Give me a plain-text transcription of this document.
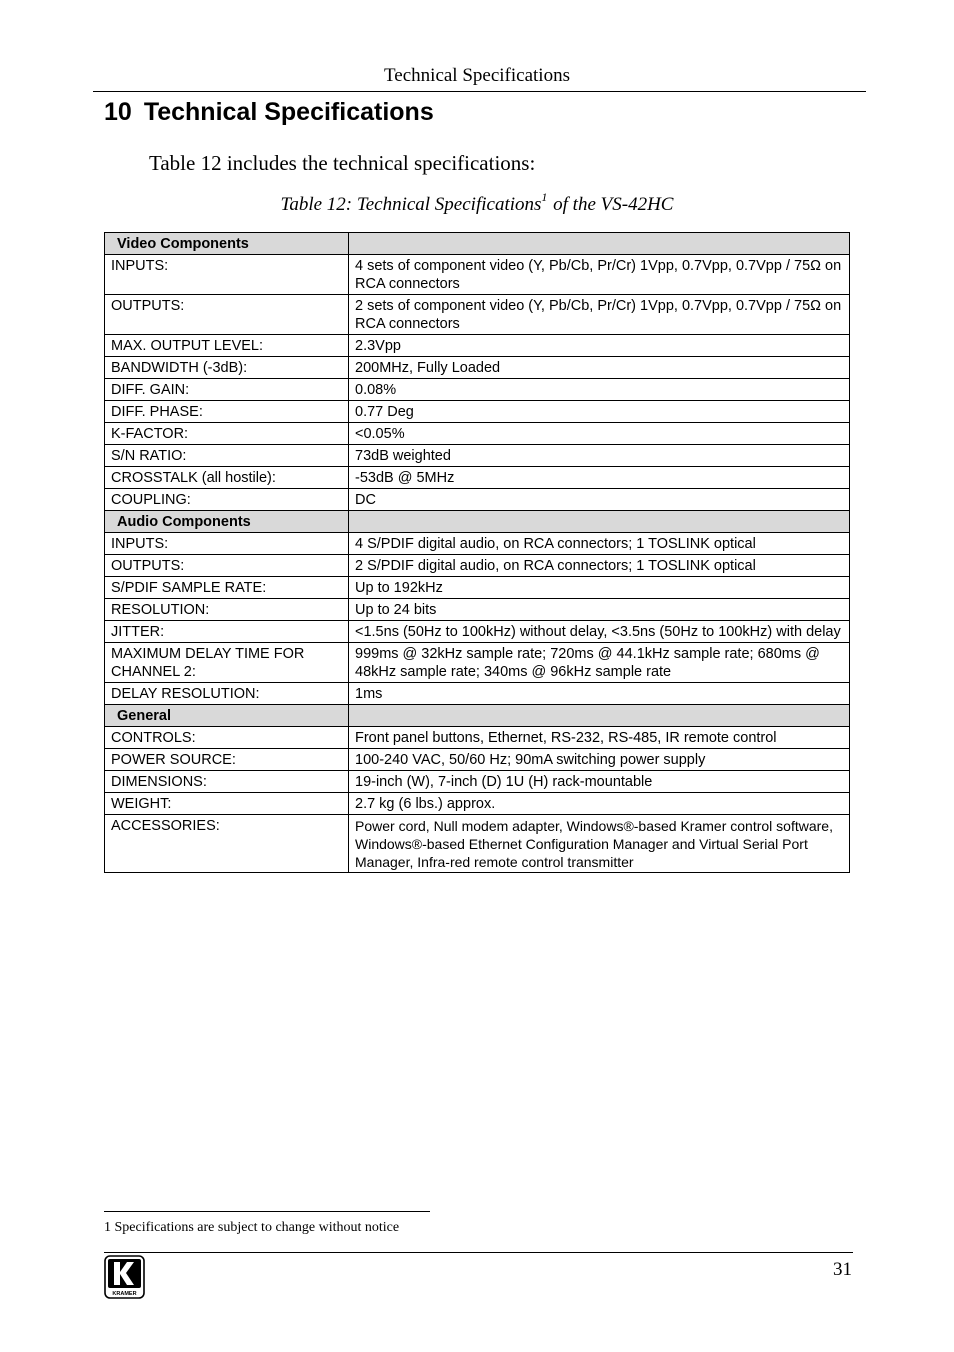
Technical Specifications
10 Technical Specifications
Table 12 includes the technical specifications:
Table 12: Technical Specifications$^1$ of the VS-42HC
Video Components	
INPUTS:	4 sets of component video (Y, Pb/Cb, Pr/Cr) 1Vpp, 0.7Vpp, 0.7Vpp / 75Ω on RCA connectors
OUTPUTS:	2 sets of component video (Y, Pb/Cb, Pr/Cr) 1Vpp, 0.7Vpp, 0.7Vpp / 75Ω on RCA connectors
MAX. OUTPUT LEVEL:	2.3Vpp
BANDWIDTH (-3dB):	200MHz, Fully Loaded
DIFF. GAIN:	0.08%
DIFF. PHASE:	0.77 Deg
K-FACTOR:	<0.05%
S/N RATIO:	73dB weighted
CROSSTALK (all hostile):	-53dB @ 5MHz
COUPLING:	DC
Audio Components	
INPUTS:	4 S/PDIF digital audio, on RCA connectors; 1 TOSLINK optical
OUTPUTS:	2 S/PDIF digital audio, on RCA connectors; 1 TOSLINK optical
S/PDIF SAMPLE RATE:	Up to 192kHz
RESOLUTION:	Up to 24 bits
JITTER:	<1.5ns (50Hz to 100kHz) without delay, <3.5ns (50Hz to 100kHz) with delay
MAXIMUM DELAY TIME FOR CHANNEL 2:	999ms @ 32kHz sample rate; 720ms @ 44.1kHz sample rate; 680ms @ 48kHz sample rate; 340ms @ 96kHz sample rate
DELAY RESOLUTION:	1ms
General	
CONTROLS:	Front panel buttons, Ethernet, RS-232, RS-485, IR remote control
POWER SOURCE:	100-240 VAC, 50/60 Hz; 90mA switching power supply
DIMENSIONS:	19-inch (W), 7-inch (D) 1U (H) rack-mountable
WEIGHT:	2.7 kg (6 lbs.) approx.
ACCESSORIES:	Power cord, Null modem adapter, Windows®-based Kramer control software, Windows®-based Ethernet Configuration Manager and Virtual Serial Port Manager, Infra-red remote control transmitter
1 Specifications are subject to change without notice
31
KRAMER
